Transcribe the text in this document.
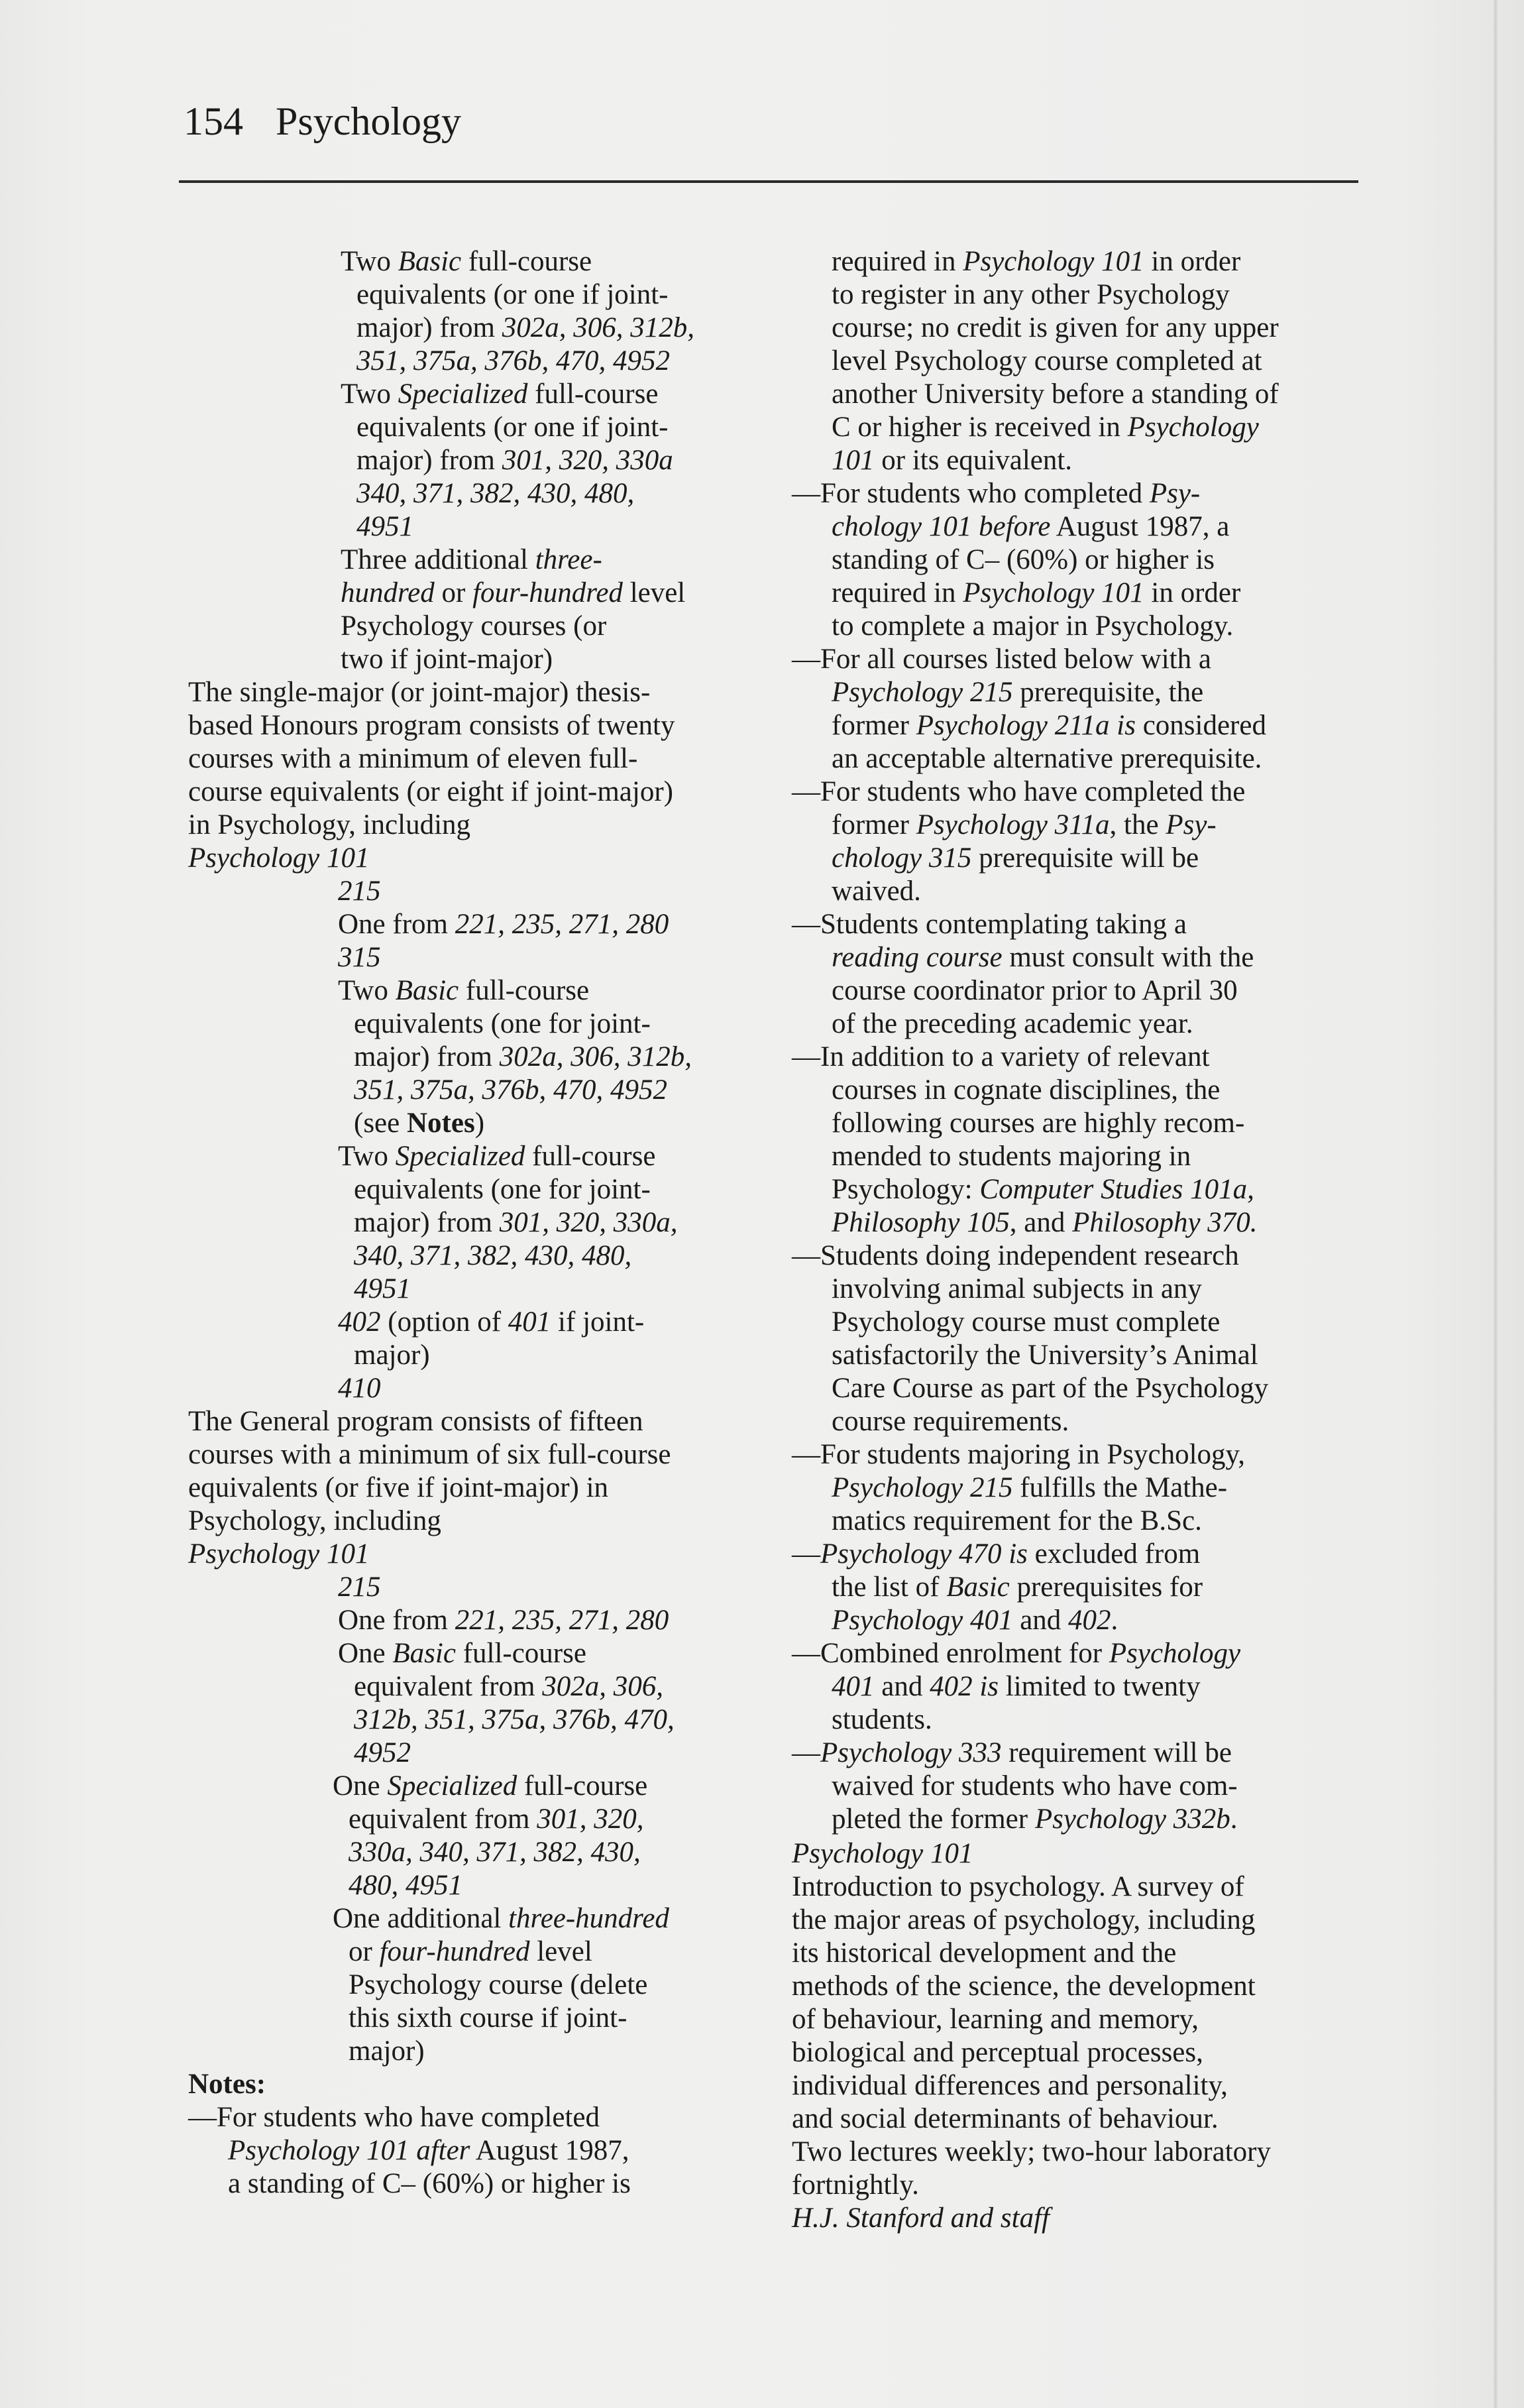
154 Psychology
Two Basic full-course
equivalents (or one if joint-
major) from 302a, 306, 312b,
351, 375a, 376b, 470, 4952
Two Specialized full-course
equivalents (or one if joint-
major) from 301, 320, 330a
340, 371, 382, 430, 480,
4951
Three additional three-
hundred or four-hundred level
Psychology courses (or
two if joint-major)
The single-major (or joint-major) thesis-
based Honours program consists of twenty
courses with a minimum of eleven full-
course equivalents (or eight if joint-major)
in Psychology, including
Psychology 101
215
One from 221, 235, 271, 280
315
Two Basic full-course
equivalents (one for joint-
major) from 302a, 306, 312b,
351, 375a, 376b, 470, 4952
(see Notes)
Two Specialized full-course
equivalents (one for joint-
major) from 301, 320, 330a,
340, 371, 382, 430, 480,
4951
402 (option of 401 if joint-
major)
410
The General program consists of fifteen
courses with a minimum of six full-course
equivalents (or five if joint-major) in
Psychology, including
Psychology 101
215
One from 221, 235, 271, 280
One Basic full-course
equivalent from 302a, 306,
312b, 351, 375a, 376b, 470,
4952
One Specialized full-course
equivalent from 301, 320,
330a, 340, 371, 382, 430,
480, 4951
One additional three-hundred
or four-hundred level
Psychology course (delete
this sixth course if joint-
major)
Notes:
—For students who have completed
Psychology 101 after August 1987,
a standing of C– (60%) or higher is
required in Psychology 101 in order
to register in any other Psychology
course; no credit is given for any upper
level Psychology course completed at
another University before a standing of
C or higher is received in Psychology
101 or its equivalent.
—For students who completed Psy-
chology 101 before August 1987, a
standing of C– (60%) or higher is
required in Psychology 101 in order
to complete a major in Psychology.
—For all courses listed below with a
Psychology 215 prerequisite, the
former Psychology 211a is considered
an acceptable alternative prerequisite.
—For students who have completed the
former Psychology 311a, the Psy-
chology 315 prerequisite will be
waived.
—Students contemplating taking a
reading course must consult with the
course coordinator prior to April 30
of the preceding academic year.
—In addition to a variety of relevant
courses in cognate disciplines, the
following courses are highly recom-
mended to students majoring in
Psychology: Computer Studies 101a,
Philosophy 105, and Philosophy 370.
—Students doing independent research
involving animal subjects in any
Psychology course must complete
satisfactorily the University’s Animal
Care Course as part of the Psychology
course requirements.
—For students majoring in Psychology,
Psychology 215 fulfills the Mathe-
matics requirement for the B.Sc.
—Psychology 470 is excluded from
the list of Basic prerequisites for
Psychology 401 and 402.
—Combined enrolment for Psychology
401 and 402 is limited to twenty
students.
—Psychology 333 requirement will be
waived for students who have com-
pleted the former Psychology 332b.
Psychology 101
Introduction to psychology. A survey of
the major areas of psychology, including
its historical development and the
methods of the science, the development
of behaviour, learning and memory,
biological and perceptual processes,
individual differences and personality,
and social determinants of behaviour.
Two lectures weekly; two-hour laboratory
fortnightly.
H.J. Stanford and staff
